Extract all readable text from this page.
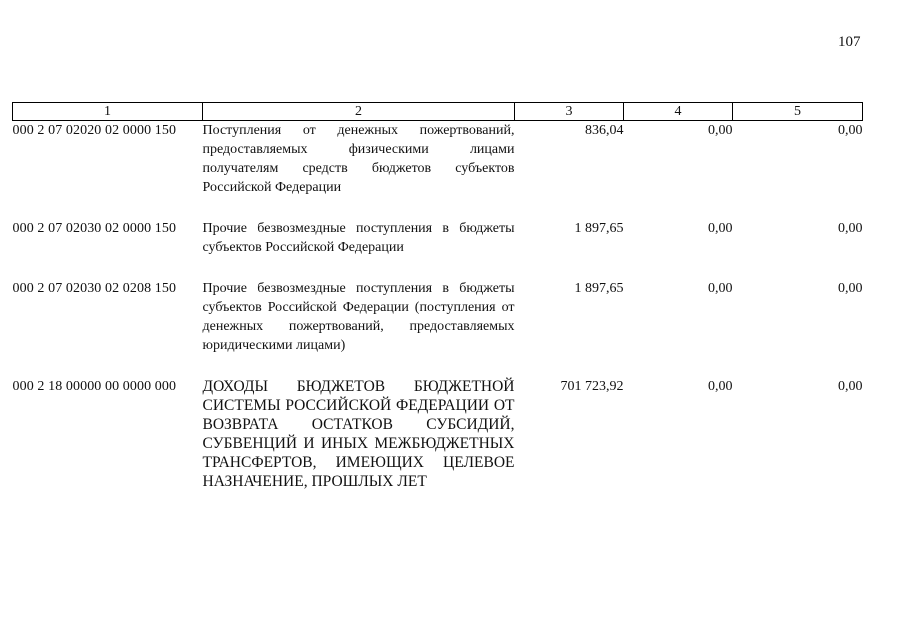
107
1	2	3	4	5
000 2 07 02020 02 0000 150	Поступления от денежных пожертвований, предоставляемых физическими лицами получателям средств бюджетов субъектов Российской Федерации	836,04	0,00	0,00

000 2 07 02030 02 0000 150	Прочие безвозмездные поступления в бюджеты субъектов Российской Федерации	1 897,65	0,00	0,00

000 2 07 02030 02 0208 150	Прочие безвозмездные поступления в бюджеты субъектов Российской Федерации (поступления от денежных пожертвований, предоставляемых юридическими лицами)	1 897,65	0,00	0,00

000 2 18 00000 00 0000 000	ДОХОДЫ БЮДЖЕТОВ БЮДЖЕТНОЙ СИСТЕМЫ РОССИЙСКОЙ ФЕДЕРАЦИИ ОТ ВОЗВРАТА ОСТАТКОВ СУБСИДИЙ, СУБВЕНЦИЙ И ИНЫХ МЕЖБЮДЖЕТНЫХ ТРАНСФЕРТОВ, ИМЕЮЩИХ ЦЕЛЕВОЕ НАЗНАЧЕНИЕ, ПРОШЛЫХ ЛЕТ	701 723,92	0,00	0,00
